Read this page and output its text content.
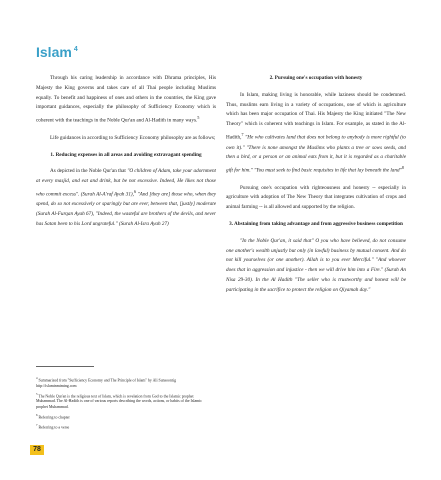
Islam $^4$

Through his caring leadership in accordance with Dhrama principles, His Majesty the King governs and takes care of all Thai people including Muslims equally. To benefit and happiness of ones and others in the countries, the King gave important guidances, especially the philosophy of Sufficiency Economy which is coherent with the teachings in the Noble Qur'an and Al-Hadith in many ways.$^5$

Life guidances in according to Sufficiency Economy philosophy are as follows;

1. Reducing expenses in all areas and avoiding extravagant spending

As depicted in the Noble Qur'an that "O children of Adam, take your adornment at every masjid, and eat and drink, but be not excessive. Indeed, He likes not those who commit excess". (Surah Al-A'raf Ayah 31),$^6$ "And [they are] those who, when they spend, do so not excessively or sparingly but are ever, between that, [justly] moderate (Surah Al-Furqan Ayah 67), "Indeed, the wasteful are brothers of the devils, and never has Satan been to his Lord ungrateful." (Surah Al-Isra Ayah 27)

2. Pursuing one's occupation with honesty

In Islam, making living is honorable, while laziness should be condemned. Thus, muslims earn living in a variety of occupations, one of which is agriculture which has been major occupation of Thai. His Majesty the King initiated "The New Theory" which is coherent with teachings in Islam. For example, as stated in the Al-Hadith,$^7$ "He who cultivates land that does not belong to anybody is more rightful (to own it)." "There is none amongst the Muslims who plants a tree or sows seeds, and then a bird, or a person or an animal eats from it, but it is regarded as a charitable gift for him." "You must seek to find basic requisites in life that lay beneath the land"$^8$

Pursuing one's occupation with righteousness and honesty -- especially in agriculture with adoption of The New Theory that integrates cultivation of crops and animal farming -- is all allowed and supported by the religion.

3. Abstaining from taking advantage and from aggressive business competition

"In the Noble Qur'an, it said that" O you who have believed, do not consume one another's wealth unjustly but only (in lawful) business by mutual consent. And do not kill yourselves (or one another). Allah is to you ever Merciful." "And whoever does that in aggression and injustice - then we will drive him into a Fire." (Surah An Nisa 29-30). In the Al Hadith "The seller who is trustworthy and honest will be participating in the sacrifice to protect the religion on Qiyamah day."

$^4$ Summarized from "Sufficiency Economy and The Principle of Islam" by Ali Sunsoontig http://islaminmiming.com
$^5$ The Noble Qur'an is the religious text of Islam, which is revelation from God to the Islamic prophet Muhammad. The Al-Hadith is one of various reports describing the words, actions, or habits of the Islamic prophet Muhammad.
$^6$ Referring to chapter
$^7$ Referring to a verse
78
